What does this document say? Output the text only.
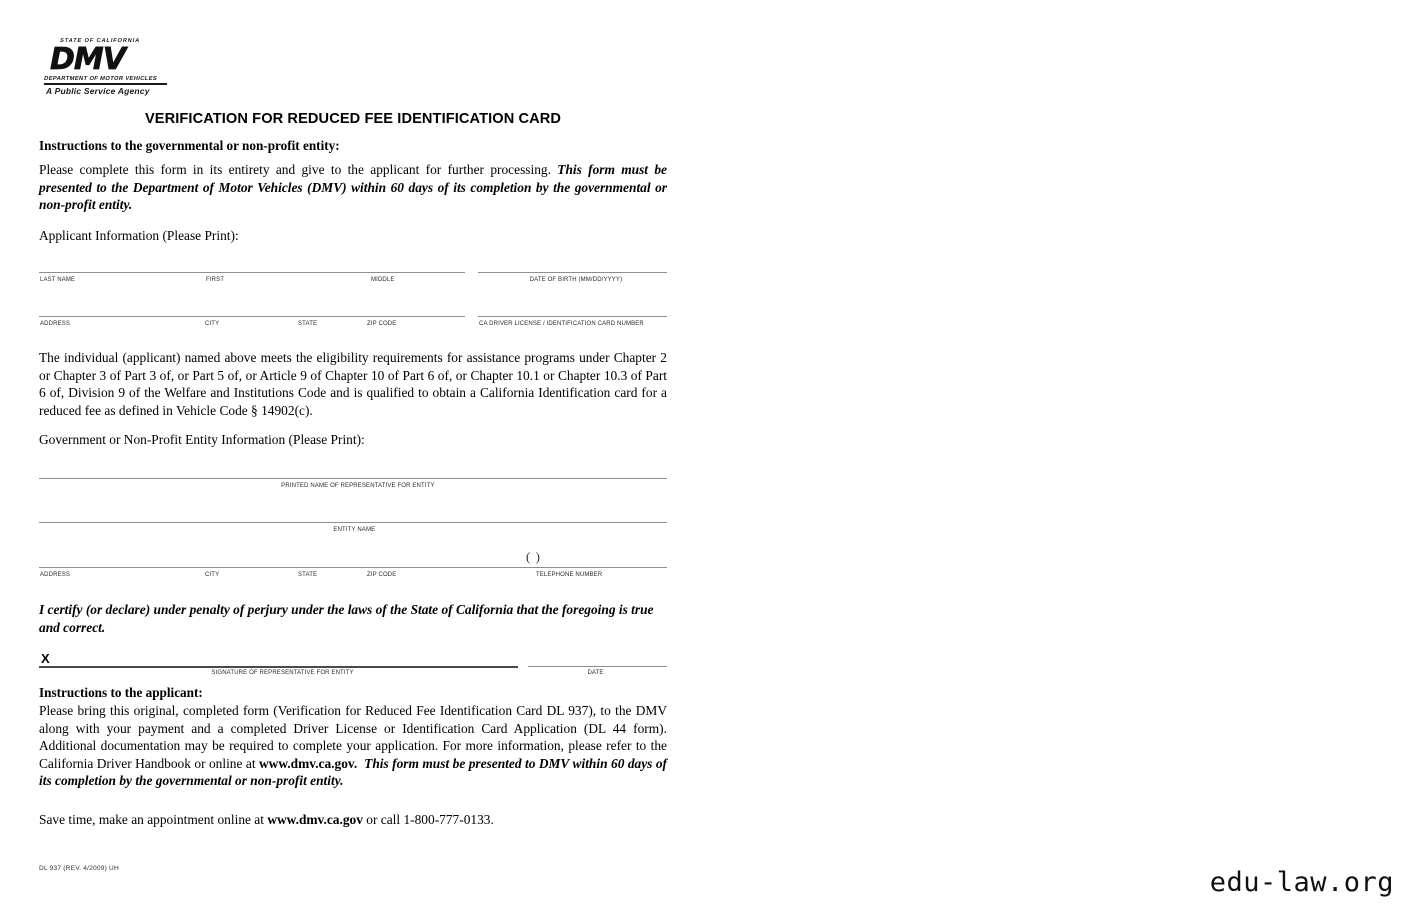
STATE OF CALIFORNIA
DMV
DEPARTMENT OF MOTOR VEHICLES
A Public Service Agency
VERIFICATION FOR REDUCED FEE IDENTIFICATION CARD
Instructions to the governmental or non-profit entity:
Please complete this form in its entirety and give to the applicant for further processing. This form must be presented to the Department of Motor Vehicles (DMV) within 60 days of its completion by the governmental or non-profit entity.
Applicant Information (Please Print):
LAST NAME	FIRST	MIDDLE	DATE OF BIRTH (MM/DD/YYYY)
ADDRESS	CITY	STATE	ZIP CODE	CA DRIVER LICENSE / IDENTIFICATION CARD NUMBER
The individual (applicant) named above meets the eligibility requirements for assistance programs under Chapter 2 or Chapter 3 of Part 3 of, or Part 5 of, or Article 9 of Chapter 10 of Part 6 of, or Chapter 10.1 or Chapter 10.3 of Part 6 of, Division 9 of the Welfare and Institutions Code and is qualified to obtain a California Identification card for a reduced fee as defined in Vehicle Code § 14902(c).
Government or Non-Profit Entity Information (Please Print):
PRINTED NAME OF REPRESENTATIVE FOR ENTITY
ENTITY NAME
( )
ADDRESS	CITY	STATE	ZIP CODE	TELEPHONE NUMBER
I certify (or declare) under penalty of perjury under the laws of the State of California that the foregoing is true and correct.
X
SIGNATURE OF REPRESENTATIVE FOR ENTITY	DATE
Instructions to the applicant:
Please bring this original, completed form (Verification for Reduced Fee Identification Card DL 937), to the DMV along with your payment and a completed Driver License or Identification Card Application (DL 44 form). Additional documentation may be required to complete your application. For more information, please refer to the California Driver Handbook or online at www.dmv.ca.gov. This form must be presented to DMV within 60 days of its completion by the governmental or non-profit entity.
Save time, make an appointment online at www.dmv.ca.gov or call 1-800-777-0133.
DL 937 (REV. 4/2009) UH	edu-law.org
